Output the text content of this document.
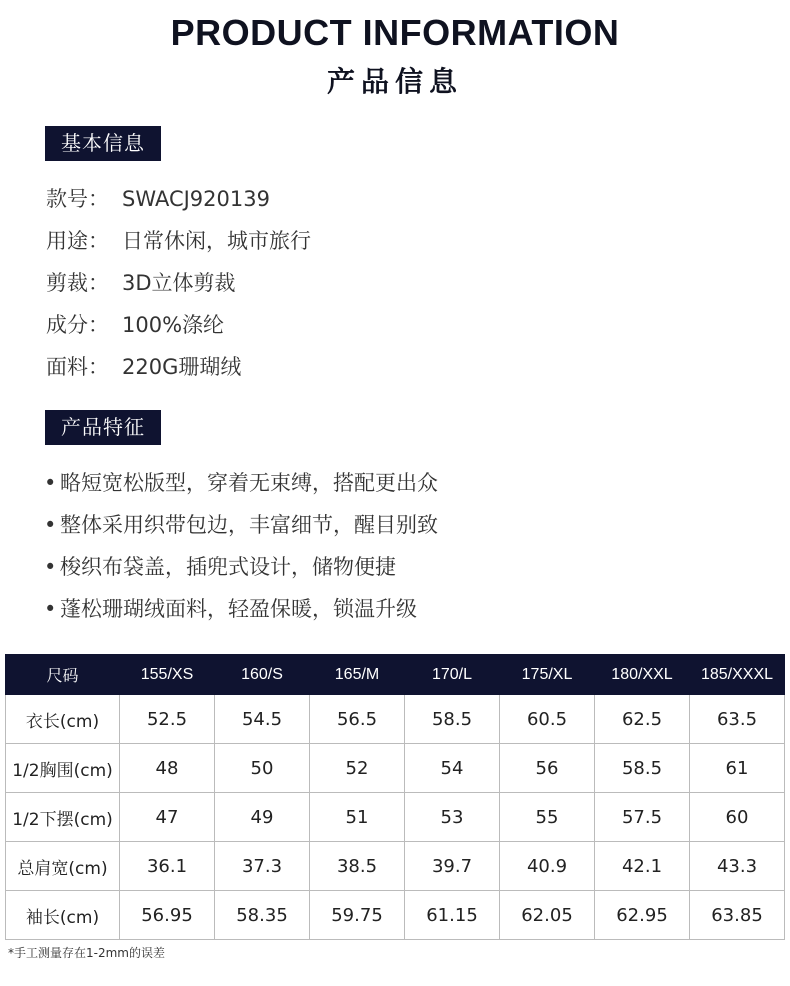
PRODUCT INFORMATION
产品信息
基本信息
款号： SWACJ920139
用途： 日常休闲，城市旅行
剪裁： 3D立体剪裁
成分： 100%涤纶
面料： 220G珊瑚绒
产品特征
• 略短宽松版型，穿着无束缚，搭配更出众
• 整体采用织带包边，丰富细节，醒目别致
• 梭织布袋盖，插兜式设计，储物便捷
• 蓬松珊瑚绒面料，轻盈保暖，锁温升级
尺码	155/XS	160/S	165/M	170/L	175/XL	180/XXL	185/XXXL
衣长(cm)	52.5	54.5	56.5	58.5	60.5	62.5	63.5
1/2胸围(cm)	48	50	52	54	56	58.5	61
1/2下摆(cm)	47	49	51	53	55	57.5	60
总肩宽(cm)	36.1	37.3	38.5	39.7	40.9	42.1	43.3
袖长(cm)	56.95	58.35	59.75	61.15	62.05	62.95	63.85
*手工测量存在1-2mm的误差
